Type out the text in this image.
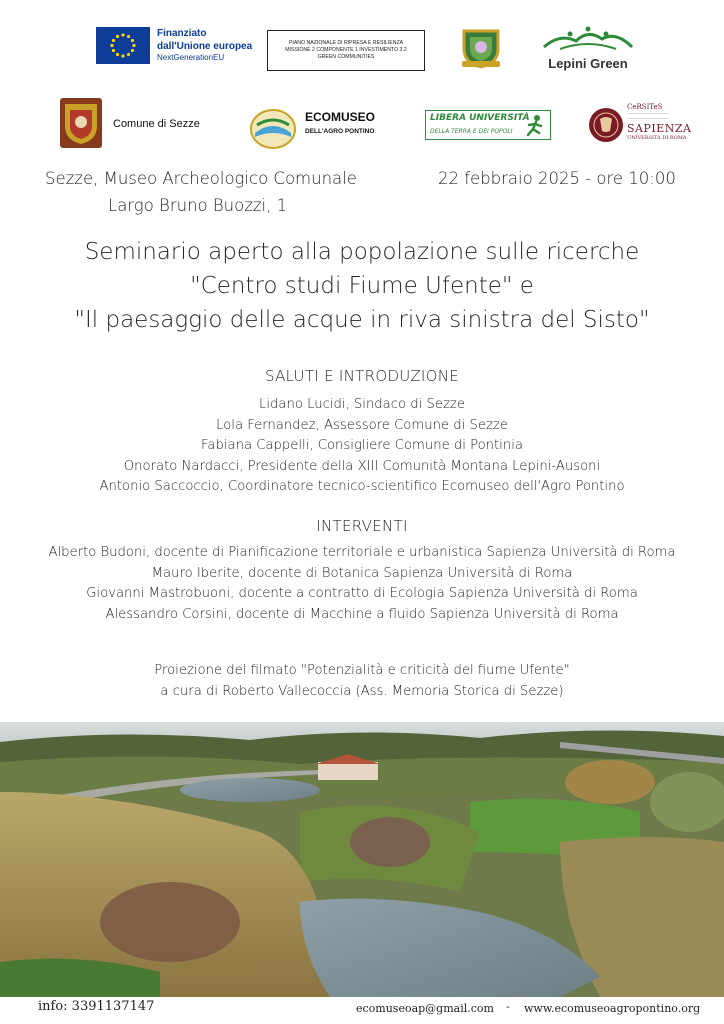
Finanziato
dall'Unione europea
NextGenerationEU
PIANO NAZIONALE DI RIPRESA E RESILIENZA
MISSIONE 2 COMPONENTE 1 INVESTIMENTO 3.2
GREEN COMMUNITIES	Lepini Green
Comune di Sezze	ECOMUSEO
DELL'AGRO PONTINO
LIBERA UNIVERSITÀ
DELLA TERRA E DEI POPOLI
CeRSITeS
————————————
————————————
SAPIENZA
UNIVERSITÀ DI ROMA
Sezze, Museo Archeologico Comunale
Largo Bruno Buozzi, 1
22 febbraio 2025 - ore 10:00
Seminario aperto alla popolazione sulle ricerche
"Centro studi Fiume Ufente" e
"Il paesaggio delle acque in riva sinistra del Sisto"
SALUTI E INTRODUZIONE
Lidano Lucidi, Sindaco di Sezze
Lola Fernandez, Assessore Comune di Sezze
Fabiana Cappelli, Consigliere Comune di Pontinia
Onorato Nardacci, Presidente della XIII Comunità Montana Lepini-Ausoni
Antonio Saccoccio, Coordinatore tecnico-scientifico Ecomuseo dell'Agro Pontino
INTERVENTI
Alberto Budoni, docente di Pianificazione territoriale e urbanistica Sapienza Università di Roma
Mauro Iberite, docente di Botanica Sapienza Università di Roma
Giovanni Mastrobuoni, docente a contratto di Ecologia Sapienza Università di Roma
Alessandro Corsini, docente di Macchine a fluido Sapienza Università di Roma
Proiezione del filmato "Potenzialità e criticità del fiume Ufente"
a cura di Roberto Vallecoccia (Ass. Memoria Storica di Sezze)
info: 3391137147	ecomuseoap@gmail.com - www.ecomuseoagropontino.org
